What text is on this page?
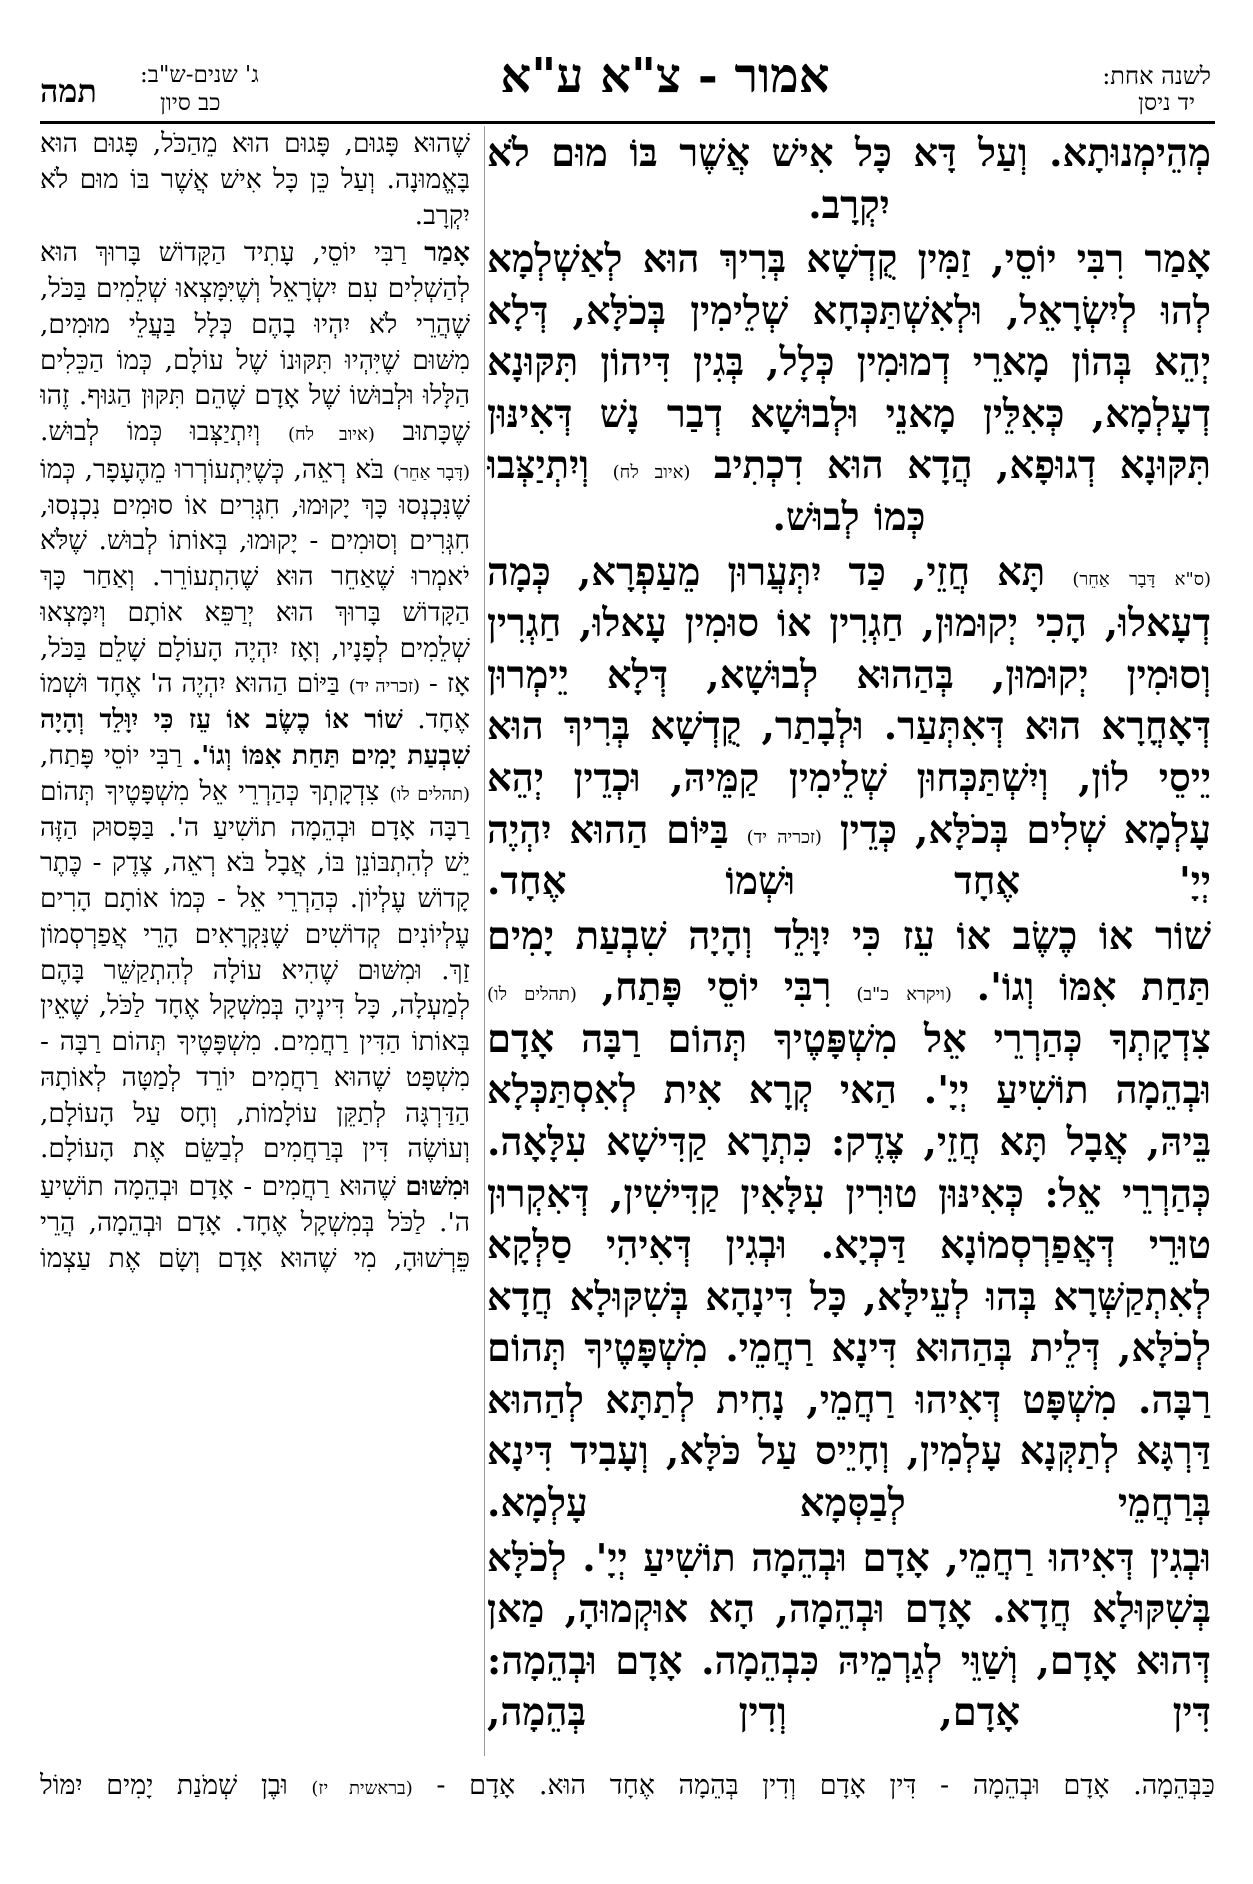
לשנה אחת:
יד ניסן
אמור - צ"א ע"א
ג' שנים-ש"ב:
כב סיון
תמה
מְהֵימְנוּתָא. וְעַל דָּא כָּל אִישׁ אֲשֶׁר בּוֹ מוּם לֹא יִקְרָב.
אָמַר רִבִּי יוֹסֵי, זַמִּין קֻדְשָׁא בְּרִיךְ הוּא לְאַשְׁלְמָא לְהוּ לְיִשְׂרָאֵל, וּלְאִשְׁתַּכְּחָא שְׁלֵימִין בְּכֹלָּא, דְּלָא יְהֵא בְּהוֹן מָארֵי דְמוּמִין כְּלָל, בְּגִין דִּיהוֹן תִּקּוּנָא דְעָלְמָא, כְּאִלֵּין מָאנֵי וּלְבוּשָׁא דְבַר נָשׁ דְּאִינּוּן תִּקּוּנָא דְגוּפָא, הֲדָא הוּא דִכְתִיב (איוב לח) וְיִתְיַצְּבוּ כְּמוֹ לְבוּשׁ.
(ס"א דָּבָר אַחֵר) תָּא חֲזֵי, כַּד יִתְּעֲרוּן מֵעַפְרָא, כְּמָה דְעָאלוּ, הָכִי יְקוּמוּן, חַגְרִין אוֹ סוּמִין עָאלוּ, חַגְרִין וְסוּמִין יְקוּמוּן, בְּהַהוּא לְבוּשָׁא, דְּלָא יֵימְרוּן דְּאָחֳרָא הוּא דְּאִתְּעַר. וּלְבָתַר, קֻדְשָׁא בְּרִיךְ הוּא יֵיסֵי לוֹן, וְיִשְׁתַּכְּחוּן שְׁלֵימִין קַמֵּיהּ, וּכְדֵין יְהֵא עָלְמָא שְׁלִים בְּכֹלָּא, כְּדֵין (זכריה יד) בַּיּוֹם הַהוּא יִהְיֶה יְיָ' אֶחָד וּשְׁמוֹ אֶחָד.
שׁוֹר אוֹ כֶשֶׂב אוֹ עֵז כִּי יִוָּלֵד וְהָיָה שִׁבְעַת יָמִים תַּחַת אִמּוֹ וְגוֹ'. (ויקרא כ"ב) רִבִּי יוֹסֵי פָּתַח, (תהלים לו) צִדְקָתְךָ כְּהַרְרֵי אֵל מִשְׁפָּטֶיךָ תְּהוֹם רַבָּה אָדָם וּבְהֵמָה תוֹשִׁיעַ יְיָ'. הַאי קְרָא אִית לְאִסְתַּכְּלָא בֵּיהּ, אֲבָל תָּא חֲזֵי, צֶדֶק: כִּתְרָא קַדִּישָׁא עִלָּאָה. כְּהַרְרֵי אֵל: כְּאִינּוּן טוּרִין עִלָּאִין קַדִּישִׁין, דְּאִקְרוּן טוּרֵי דְּאֲפַרְסְמוֹנָא דַּכְיָא. וּבְגִין דְּאִיהִי סַלְּקָא לְאִתְקַשְּׁרָא בְּהוּ לְעֵילָּא, כָּל דִּינָהָא בְּשִׁקּוּלָא חֲדָא לְכֹלָּא, דְּלֵית בְּהַהוּא דִּינָא רַחֲמֵי. מִשְׁפָּטֶיךָ תְּהוֹם רַבָּה. מִשְׁפָּט דְּאִיהוּ רַחֲמֵי, נָחִית לְתַתָּא לְהַהוּא דַּרְגָּא לְתַקְּנָא עָלְמִין, וְחָיֵיס עַל כֹּלָּא, וְעָבִיד דִּינָא בְּרַחֲמֵי לְבַסְּמָא עָלְמָא.
וּבְגִין דְּאִיהוּ רַחֲמֵי, אָדָם וּבְהֵמָה תוֹשִׁיעַ יְיָ'. לְכֹלָּא בְּשִׁקּוּלָא חֲדָא. אָדָם וּבְהֵמָה, הָא אוּקְמוּהָ, מַאן דְּהוּא אָדָם, וְשַׁוֵּי לְגַרְמֵיהּ כִּבְהֵמָה. אָדָם וּבְהֵמָה: דִּין אָדָם, וְדִין בְּהֵמָה,
שֶׁהוּא פָּגוּם, פָּגוּם הוּא מֵהַכֹּל, פָּגוּם הוּא בָּאֱמוּנָה. וְעַל כֵּן כָּל אִישׁ אֲשֶׁר בּוֹ מוּם לֹא יִקְרָב.
אָמַר רַבִּי יוֹסֵי, עָתִיד הַקָּדוֹשׁ בָּרוּךְ הוּא לְהַשְׁלִים עִם יִשְׂרָאֵל וְשֶׁיִּמָּצְאוּ שְׁלֵמִים בַּכֹּל, שֶׁהֲרֵי לֹא יִהְיוּ בָהֶם כְּלָל בַּעֲלֵי מוּמִים, מִשּׁוּם שֶׁיִּהְיוּ תִּקּוּנוֹ שֶׁל עוֹלָם, כְּמוֹ הַכֵּלִים הַלָּלוּ וּלְבוּשׁוֹ שֶׁל אָדָם שֶׁהֵם תִּקּוּן הַגּוּף. זֶהוּ שֶׁכָּתוּב (איוב לח) וְיִתְיַצְּבוּ כְּמוֹ לְבוּשׁ.
(דָּבָר אַחֵר) בֹּא רְאֵה, כְּשֶׁיִּתְעוֹרְרוּ מֵהֶעָפָר, כְּמוֹ שֶׁנִּכְנְסוּ כָּךְ יָקוּמוּ, חִגְּרִים אוֹ סוּמִים נִכְנְסוּ, חִגְּרִים וְסוּמִים - יָקוּמוּ, בְּאוֹתוֹ לְבוּשׁ. שֶׁלֹּא יֹאמְרוּ שֶׁאַחֵר הוּא שֶׁהִתְעוֹרֵר. וְאַחַר כָּךְ הַקָּדוֹשׁ בָּרוּךְ הוּא יְרַפֵּא אוֹתָם וְיִמָּצְאוּ שְׁלֵמִים לְפָנָיו, וְאָז יִהְיֶה הָעוֹלָם שָׁלֵם בַּכֹּל, אָז - (זכריה יד) בַּיּוֹם הַהוּא יִהְיֶה ה' אֶחָד וּשְׁמוֹ אֶחָד. שׁוֹר אוֹ כֶשֶׂב אוֹ עֵז כִּי יִוָּלֵד וְהָיָה שִׁבְעַת יָמִים תַּחַת אִמּוֹ וְגוֹ'. רַבִּי יוֹסֵי פָּתַח, (תהלים לו) צִדְקָתְךָ כְּהַרְרֵי אֵל מִשְׁפָּטֶיךָ תְּהוֹם רַבָּה אָדָם וּבְהֵמָה תוֹשִׁיעַ ה'. בַּפָּסוּק הַזֶּה יֵשׁ לְהִתְבּוֹנֵן בּוֹ, אֲבָל בֹּא רְאֵה, צֶדֶק - כֶּתֶר קָדוֹשׁ עֶלְיוֹן. כְּהַרְרֵי אֵל - כְּמוֹ אוֹתָם הָרִים עֶלְיוֹנִים קְדוֹשִׁים שֶׁנִּקְרָאִים הָרֵי אֲפַרְסְמוֹן זַךְ. וּמִשּׁוּם שֶׁהִיא עוֹלָה לְהִתְקַשֵּׁר בָּהֶם לְמַעְלָה, כָּל דִּינֶיהָ בְּמִשְׁקָל אֶחָד לַכֹּל, שֶׁאֵין בְּאוֹתוֹ הַדִּין רַחֲמִים. מִשְׁפָּטֶיךָ תְּהוֹם רַבָּה - מִשְׁפָּט שֶׁהוּא רַחֲמִים יוֹרֵד לְמַטָּה לְאוֹתָהּ הַדַּרְגָּה לְתַקֵּן עוֹלָמוֹת, וְחָס עַל הָעוֹלָם, וְעוֹשֶׂה דִּין בְּרַחֲמִים לְבַשֵּׂם אֶת הָעוֹלָם.
וּמִשּׁוּם שֶׁהוּא רַחֲמִים - אָדָם וּבְהֵמָה תוֹשִׁיעַ ה'. לַכֹּל בְּמִשְׁקָל אֶחָד. אָדָם וּבְהֵמָה, הֲרֵי פֵּרְשׁוּהָ, מִי שֶׁהוּא אָדָם וְשָׂם אֶת עַצְמוֹ
כַּבְּהֵמָה. אָדָם וּבְהֵמָה - דִּין אָדָם וְדִין בְּהֵמָה אֶחָד הוּא. אָדָם - (בראשית יז) וּבֶן שְׁמֹנַת יָמִים יִמּוֹל
